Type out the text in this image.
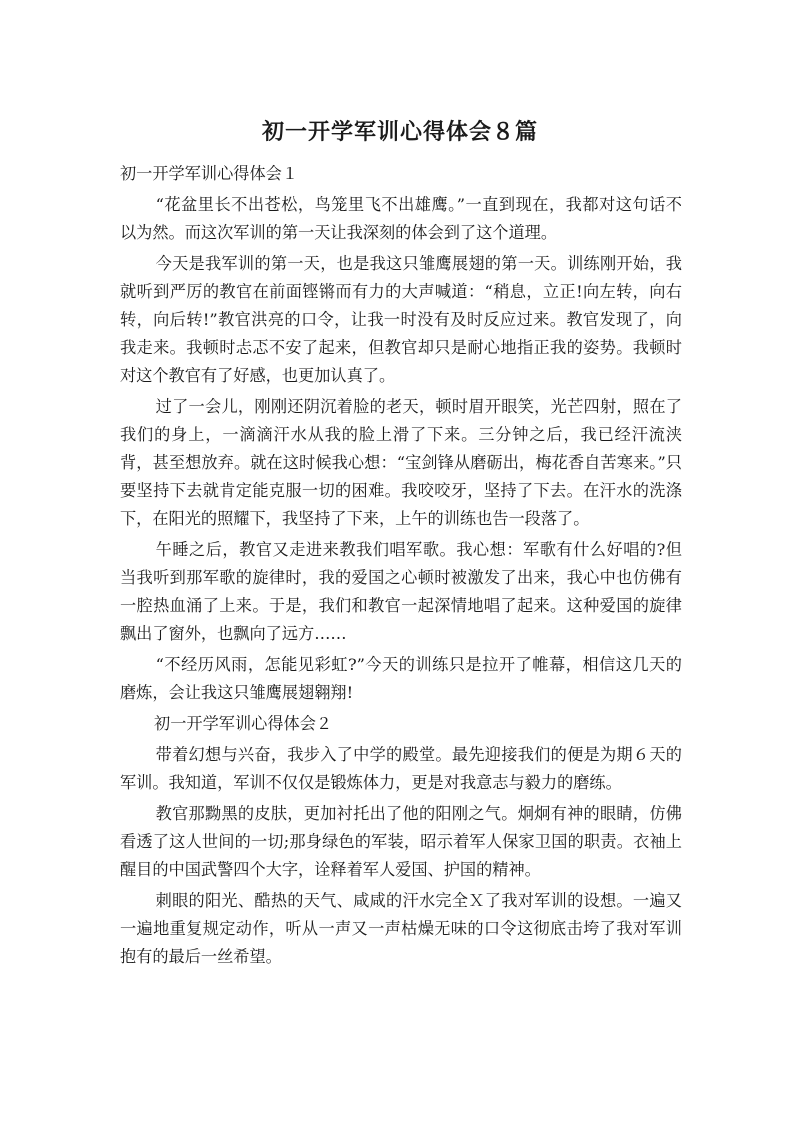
初一开学军训心得体会８篇
初一开学军训心得体会１
“花盆里长不出苍松，鸟笼里飞不出雄鹰。”一直到现在，我都对这句话不以为然。而这次军训的第一天让我深刻的体会到了这个道理。
今天是我军训的第一天，也是我这只雏鹰展翅的第一天。训练刚开始，我就听到严厉的教官在前面铿锵而有力的大声喊道：“稍息，立正!向左转，向右转，向后转!”教官洪亮的口令，让我一时没有及时反应过来。教官发现了，向我走来。我顿时忐忑不安了起来，但教官却只是耐心地指正我的姿势。我顿时对这个教官有了好感，也更加认真了。
过了一会儿，刚刚还阴沉着脸的老天，顿时眉开眼笑，光芒四射，照在了我们的身上，一滴滴汗水从我的脸上滑了下来。三分钟之后，我已经汗流浃背，甚至想放弃。就在这时候我心想：“宝剑锋从磨砺出，梅花香自苦寒来。”只要坚持下去就肯定能克服一切的困难。我咬咬牙，坚持了下去。在汗水的洗涤下，在阳光的照耀下，我坚持了下来，上午的训练也告一段落了。
午睡之后，教官又走进来教我们唱军歌。我心想：军歌有什么好唱的?但当我听到那军歌的旋律时，我的爱国之心顿时被激发了出来，我心中也仿佛有一腔热血涌了上来。于是，我们和教官一起深情地唱了起来。这种爱国的旋律飘出了窗外，也飘向了远方……
“不经历风雨，怎能见彩虹?”今天的训练只是拉开了帷幕，相信这几天的磨炼，会让我这只雏鹰展翅翱翔!
初一开学军训心得体会２
带着幻想与兴奋，我步入了中学的殿堂。最先迎接我们的便是为期６天的军训。我知道，军训不仅仅是锻炼体力，更是对我意志与毅力的磨练。
教官那黝黑的皮肤，更加衬托出了他的阳刚之气。炯炯有神的眼睛，仿佛看透了这人世间的一切;那身绿色的军装，昭示着军人保家卫国的职责。衣袖上醒目的中国武警四个大字，诠释着军人爱国、护国的精神。
刺眼的阳光、酷热的天气、咸咸的汗水完全Ｘ了我对军训的设想。一遍又一遍地重复规定动作，听从一声又一声枯燥无味的口令这彻底击垮了我对军训抱有的最后一丝希望。
